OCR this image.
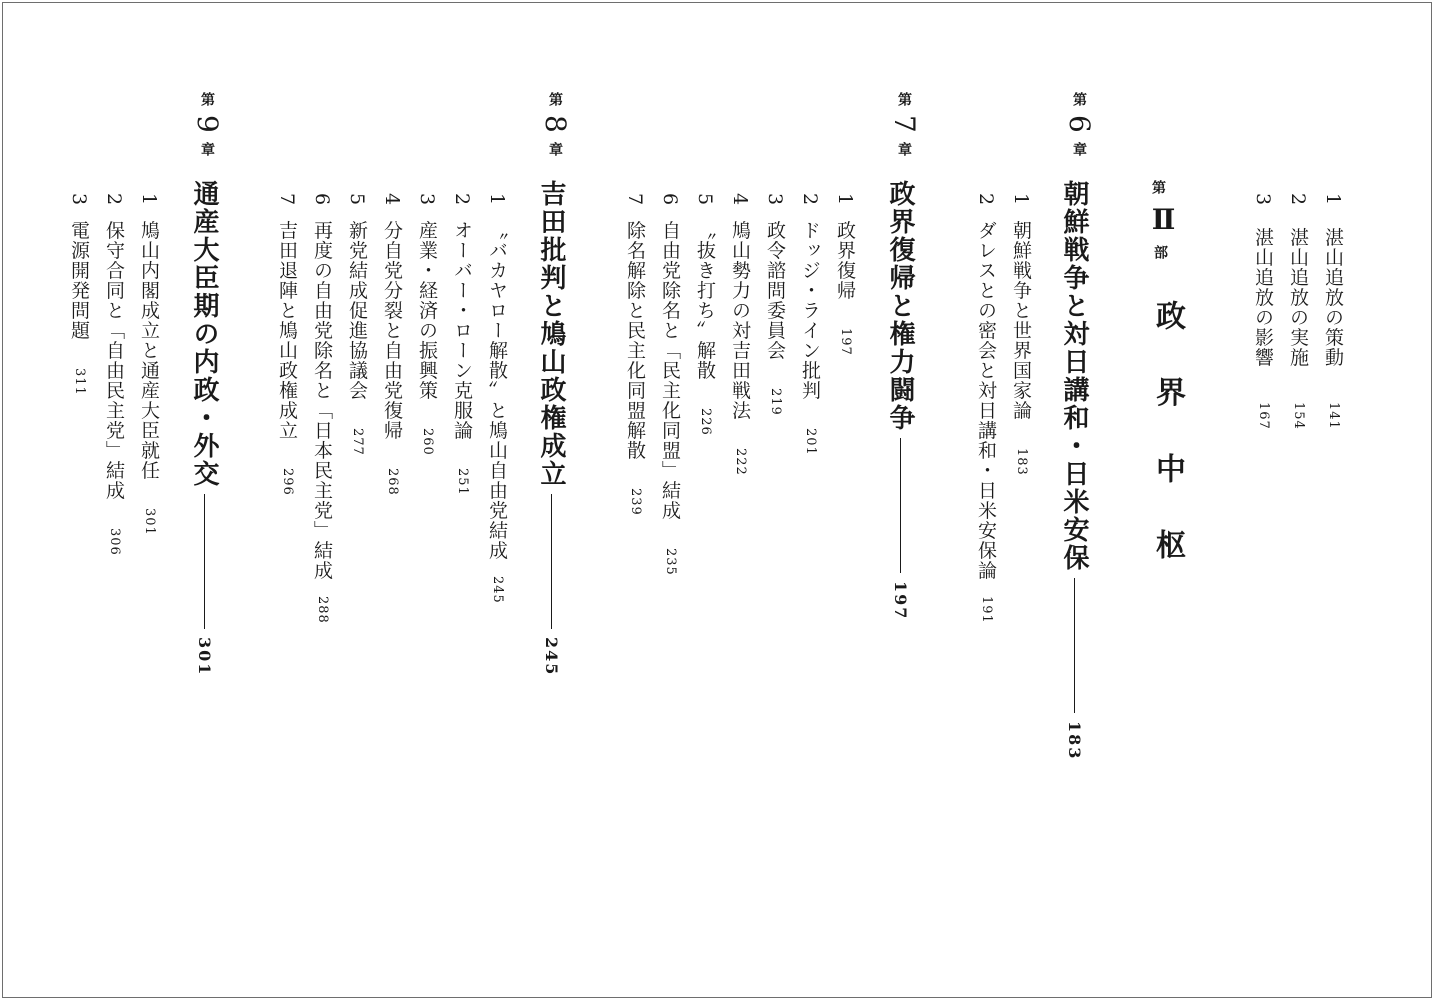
1 湛山追放の策動 141
2 湛山追放の実施 154
3 湛山追放の影響 167
第

Ⅱ
部
政 界 中 枢
第 6 章
朝鮮戦争と対日講和・日米安保183
1朝鮮戦争と世界国家論183
2ダレスとの密会と対日講和・日米安保論191
第 7 章
政界復帰と権力闘争197
1政界復帰197
2ドッジ・ライン批判201
3政令諮問委員会219
4鳩山勢力の対吉田戦法222
5〝抜き打ち〟解散226
6自由党除名と「民主化同盟」結成235
7除名解除と民主化同盟解散239
第 8 章
吉田批判と鳩山政権成立245
1〝バカヤロー解散〟と鳩山自由党結成245
2オーバー・ローン克服論251
3産業・経済の振興策260
4分自党分裂と自由党復帰268
5新党結成促進協議会277
6再度の自由党除名と「日本民主党」結成288
7吉田退陣と鳩山政権成立296
第 9 章
通産大臣期の内政・外交301
1鳩山内閣成立と通産大臣就任301
2保守合同と「自由民主党」結成306
3電源開発問題311
